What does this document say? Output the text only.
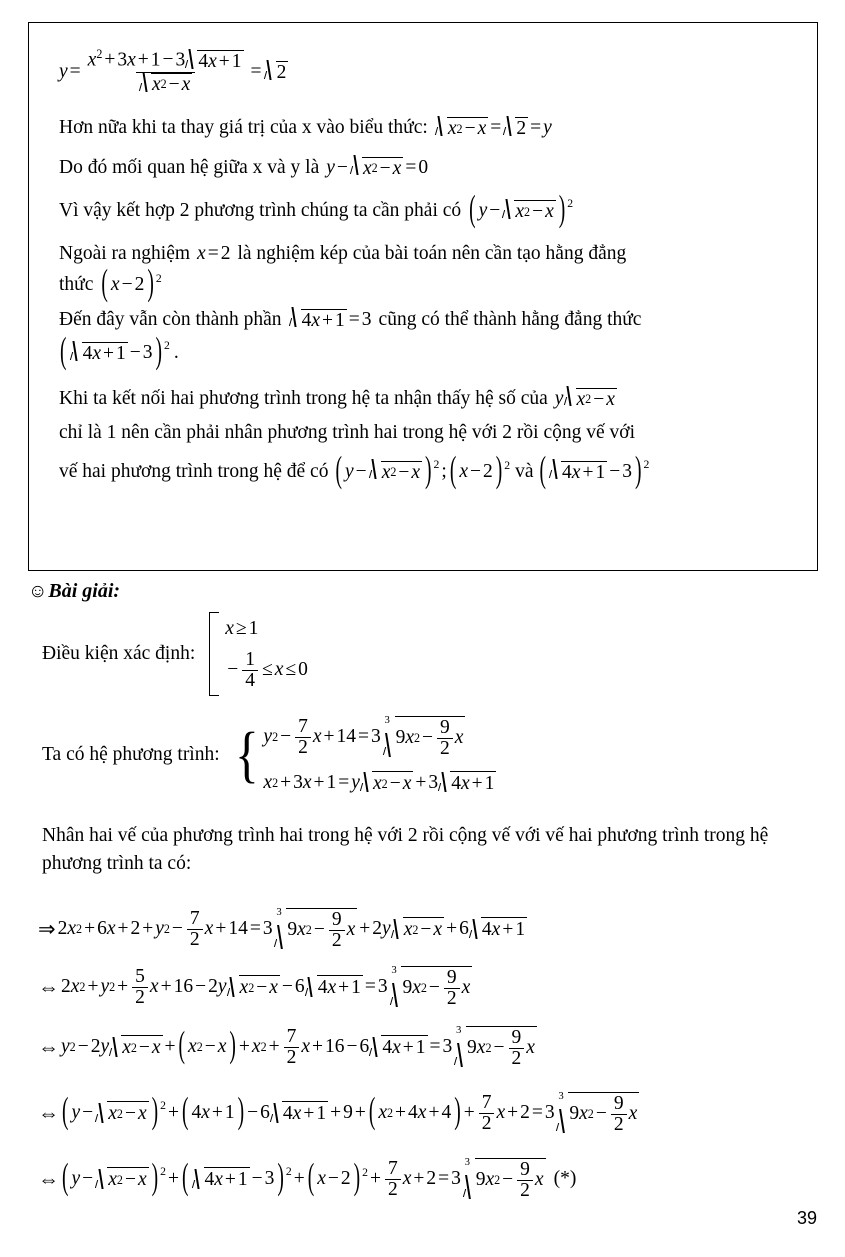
$y = \frac{x^2 + 3x + 1 - 3 4 x + 1}{x 2 - x} = 2$
Hơn nữa khi ta thay giá trị của x vào biểu thức: x 2 − x = 2 = y
Do đó mối quan hệ giữa x và y là y − x 2 − x = 0
Vì vậy kết hợp 2 phương trình chúng ta cần phải có ( y − x 2 − x ) 2
Ngoài ra nghiệm x = 2 là nghiệm kép của bài toán nên cần tạo hằng đẳng
thức ( x − 2 ) 2
Đến đây vẫn còn thành phần 4 x + 1 = 3 cũng có thể thành hằng đẳng thức
( 4 x + 1 − 3 ) 2 .
Khi ta kết nối hai phương trình trong hệ ta nhận thấy hệ số của y x 2 − x
chỉ là 1 nên cần phải nhân phương trình hai trong hệ với 2 rồi cộng vế với
vế hai phương trình trong hệ để có ( y − x 2 − x ) 2 ; ( x − 2 ) 2 và ( 4 x + 1 − 3 ) 2
☺ Bài giải:
Điều kiện xác định:
x ≥ 1
− $\frac{1}{4} \le x \le 0$
Ta có hệ phương trình: { y $2 - \frac{7}{2}$ x + 14 = 3
3
9 x $2 - \frac{9}{2}$ x
x 2 + 3 x + 1 = y x 2 − x + 3 4 x + 1
Nhân hai vế của phương trình hai trong hệ với 2 rồi cộng vế với vế hai phương trình trong hệ phương trình ta có:
⇒ 2 x 2 + 6 x + 2 + y $2 - \frac{7}{2}$ x + 14 = 3
3
9 x $2 - \frac{9}{2}$ x + 2 y x 2 − x + 6 4 x + 1
⇔ 2 x 2 + y $2 + \frac{5}{2}$ x + 16 − 2 y x 2 − x − 6 4 x + 1 = 3
3
9 x $2 - \frac{9}{2}$ x
⇔ y 2 − 2 y x 2 − x + ( x 2 − x ) + x $2 + \frac{7}{2}$ x + 16 − 6 4 x + 1 = 3
3
9 x $2 - \frac{9}{2}$ x
⇔ ( y − x 2 − x ) 2 + ( 4 x + 1 ) − 6 4 x + 1 + 9 + ( x 2 + 4 x + 4 ) + $\frac{7}{2}$ x + 2 = 3
3
9 x $2 - \frac{9}{2}$ x
⇔ ( y − x 2 − x ) 2 + ( 4 x + 1 − 3 ) 2 + ( x − 2 ) $2 + \frac{7}{2}$ x + 2 = 3
3
9 x $2 - \frac{9}{2}$ x (*)
39
